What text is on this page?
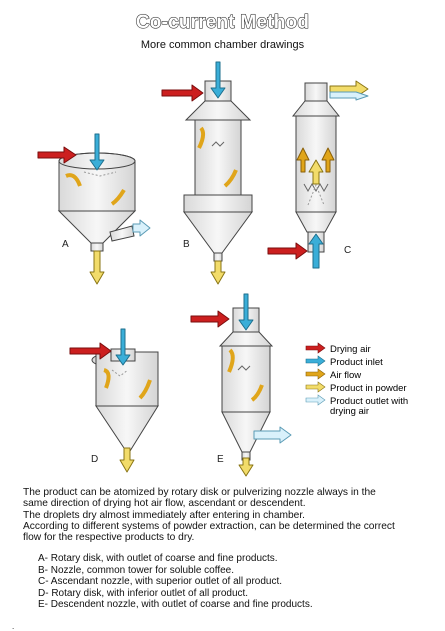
Co-current Method
More common chamber drawings
A	B
C
D	E
Drying air
Product inlet
Air flow
Product in powder
Product outlet with
drying air
The product can be atomized by rotary disk or pulverizing nozzle always in the
same direction of drying hot air flow, ascendant or descendent.
The droplets dry almost immediately after entering in chamber.
According to different systems of powder extraction, can be determined the correct
flow for the respective products to dry.
A- Rotary disk, with outlet of coarse and fine products.
B- Nozzle, common tower for soluble coffee.
C- Ascendant nozzle, with superior outlet of all product.
D- Rotary disk, with inferior outlet of all product.
E- Descendent nozzle, with outlet of coarse and fine products.
.
